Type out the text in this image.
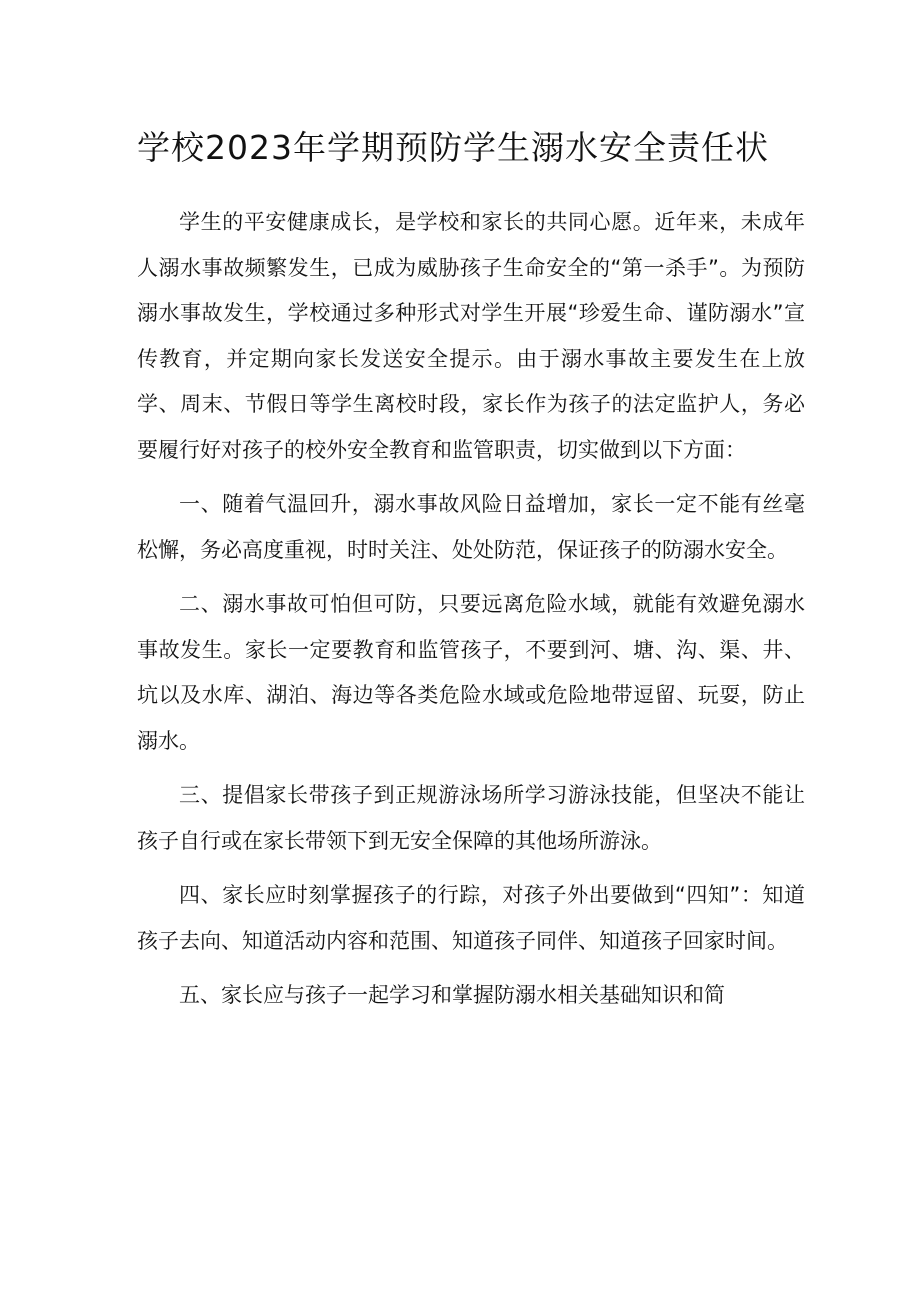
学校2023年学期预防学生溺水安全责任状

学生的平安健康成长，是学校和家长的共同心愿。近年来，未成年人溺水事故频繁发生，已成为威胁孩子生命安全的“第一杀手”。为预防溺水事故发生，学校通过多种形式对学生开展“珍爱生命、谨防溺水”宣传教育，并定期向家长发送安全提示。由于溺水事故主要发生在上放学、周末、节假日等学生离校时段，家长作为孩子的法定监护人，务必要履行好对孩子的校外安全教育和监管职责，切实做到以下方面：

一、随着气温回升，溺水事故风险日益增加，家长一定不能有丝毫松懈，务必高度重视，时时关注、处处防范，保证孩子的防溺水安全。

二、溺水事故可怕但可防，只要远离危险水域，就能有效避免溺水事故发生。家长一定要教育和监管孩子，不要到河、塘、沟、渠、井、坑以及水库、湖泊、海边等各类危险水域或危险地带逗留、玩耍，防止溺水。

三、提倡家长带孩子到正规游泳场所学习游泳技能，但坚决不能让孩子自行或在家长带领下到无安全保障的其他场所游泳。

四、家长应时刻掌握孩子的行踪，对孩子外出要做到“四知”：知道孩子去向、知道活动内容和范围、知道孩子同伴、知道孩子回家时间。

五、家长应与孩子一起学习和掌握防溺水相关基础知识和简
